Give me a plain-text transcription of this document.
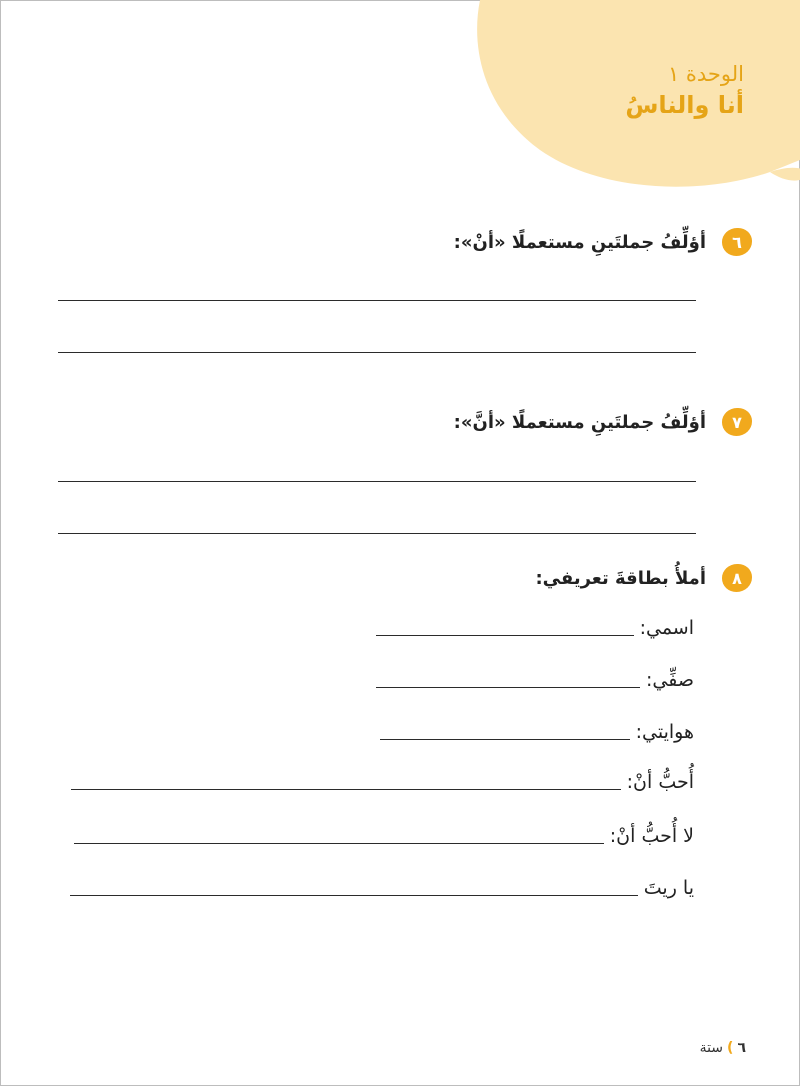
الوحدة ١
أنا والناسُ
٦
أؤلِّفُ جملتَينِ مستعملًا «أنْ»:
٧
أؤلِّفُ جملتَينِ مستعملًا «أنَّ»:
٨
أملأُ بطاقةَ تعريفي:
اسمي:
صفِّي:
هوايتي:
أُحبُّ أنْ:
لا أُحبُّ أنْ:
يا ريتَ
٦
)
ستة
